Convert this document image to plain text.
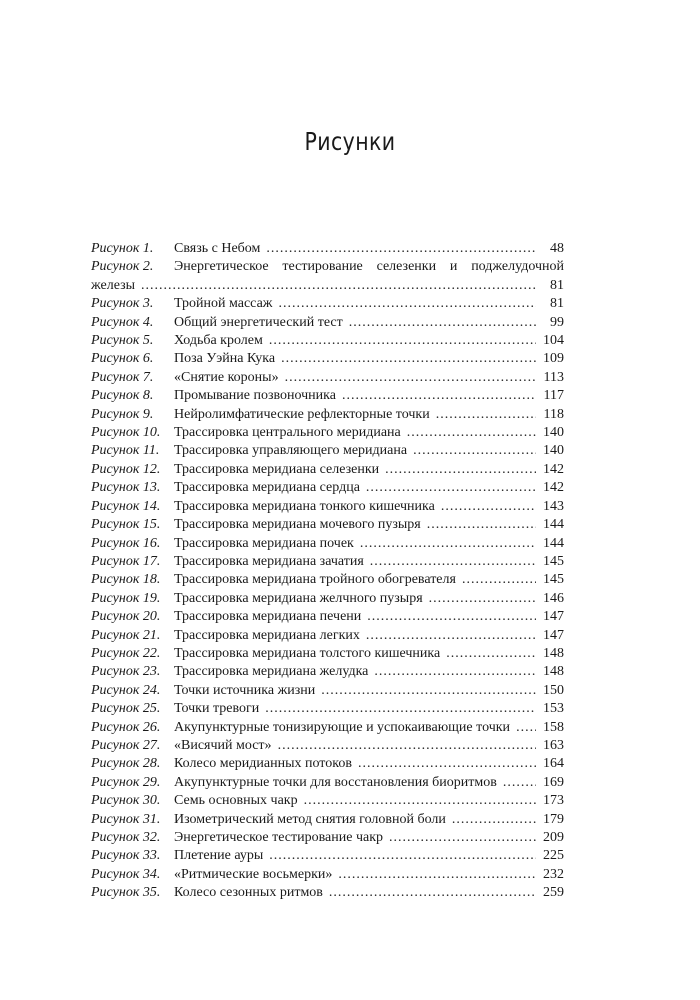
Рисунки
Рисунок 1.	Связь с Небом .....	48
Рисунок 2.	Энергетическое тестирование селезенки и поджелудочной
железы .....	81
Рисунок 3.	Тройной массаж .....	81
Рисунок 4.	Общий энергетический тест .....	99
Рисунок 5.	Ходьба кролем .....	104
Рисунок 6.	Поза Уэйна Кука .....	109
Рисунок 7.	«Снятие короны» .....	113
Рисунок 8.	Промывание позвоночника .....	117
Рисунок 9.	Нейролимфатические рефлекторные точки .....	118
Рисунок 10. Трассировка центрального меридиана .....	140
Рисунок 11.	Трассировка управляющего меридиана .....	140
Рисунок 12. Трассировка меридиана селезенки .....	142
Рисунок 13. Трассировка меридиана сердца .....	142
Рисунок 14. Трассировка меридиана тонкого кишечника .....	143
Рисунок 15. Трассировка меридиана мочевого пузыря .....	144
Рисунок 16. Трассировка меридиана почек .....	144
Рисунок 17. Трассировка меридиана зачатия .....	145
Рисунок 18. Трассировка меридиана тройного обогревателя .....	145
Рисунок 19. Трассировка меридиана желчного пузыря .....	146
Рисунок 20. Трассировка меридиана печени .....	147
Рисунок 21. Трассировка меридиана легких .....	147
Рисунок 22. Трассировка меридиана толстого кишечника .....	148
Рисунок 23. Трассировка меридиана желудка .....	148
Рисунок 24. Точки источника жизни .....	150
Рисунок 25. Точки тревоги .....	153
Рисунок 26. Акупунктурные тонизирующие и успокаивающие точки ..... 158
Рисунок 27. «Висячий мост» .....	163
Рисунок 28. Колесо меридианных потоков .....	164
Рисунок 29. Акупунктурные точки для восстановления биоритмов .....	169
Рисунок 30. Семь основных чакр .....	173
Рисунок 31. Изометрический метод снятия головной боли .....	179
Рисунок 32. Энергетическое тестирование чакр .....	209
Рисунок 33. Плетение ауры .....	225
Рисунок 34. «Ритмические восьмерки» .....	232
Рисунок 35. Колесо сезонных ритмов .....	259
